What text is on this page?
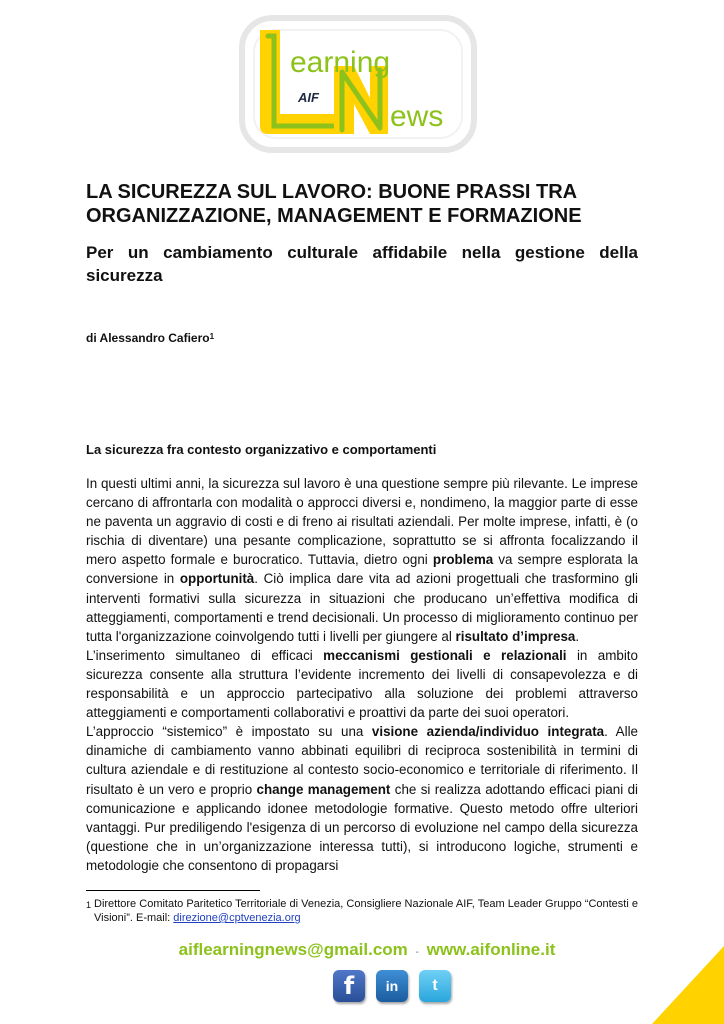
earning
ews
AIF
LA SICUREZZA SUL LAVORO: BUONE PRASSI TRA ORGANIZZAZIONE, MANAGEMENT E FORMAZIONE
Per un cambiamento culturale affidabile nella gestione della sicurezza

di Alessandro Cafiero$^1$

La sicurezza fra contesto organizzativo e comportamenti

In questi ultimi anni, la sicurezza sul lavoro è una questione sempre più rilevante. Le imprese cercano di affrontarla con modalità o approcci diversi e, nondimeno, la maggior parte di esse ne paventa un aggravio di costi e di freno ai risultati aziendali. Per molte imprese, infatti, è (o rischia di diventare) una pesante complicazione, soprattutto se si affronta focalizzando il mero aspetto formale e burocratico. Tuttavia, dietro ogni problema va sempre esplorata la conversione in opportunità. Ciò implica dare vita ad azioni progettuali che trasformino gli interventi formativi sulla sicurezza in situazioni che producano un’effettiva modifica di atteggiamenti, comportamenti e trend decisionali. Un processo di miglioramento continuo per tutta l'organizzazione coinvolgendo tutti i livelli per giungere al risultato d’impresa.
L’inserimento simultaneo di efficaci meccanismi gestionali e relazionali in ambito sicurezza consente alla struttura l’evidente incremento dei livelli di consapevolezza e di responsabilità e un approccio partecipativo alla soluzione dei problemi attraverso atteggiamenti e comportamenti collaborativi e proattivi da parte dei suoi operatori.
L’approccio “sistemico” è impostato su una visione azienda/individuo integrata. Alle dinamiche di cambiamento vanno abbinati equilibri di reciproca sostenibilità in termini di cultura aziendale e di restituzione al contesto socio-economico e territoriale di riferimento. Il risultato è un vero e proprio change management che si realizza adottando efficaci piani di comunicazione e applicando idonee metodologie formative. Questo metodo offre ulteriori vantaggi. Pur prediligendo l'esigenza di un percorso di evoluzione nel campo della sicurezza (questione che in un’organizzazione interessa tutti), si introducono logiche, strumenti e metodologie che consentono di propagarsi

1 Direttore Comitato Paritetico Territoriale di Venezia, Consigliere Nazionale AIF, Team Leader Gruppo “Contesti e Visioni”. E-mail: direzione@cptvenezia.org

aiflearningnews@gmail.com - www.aifonline.it
f	in	t
